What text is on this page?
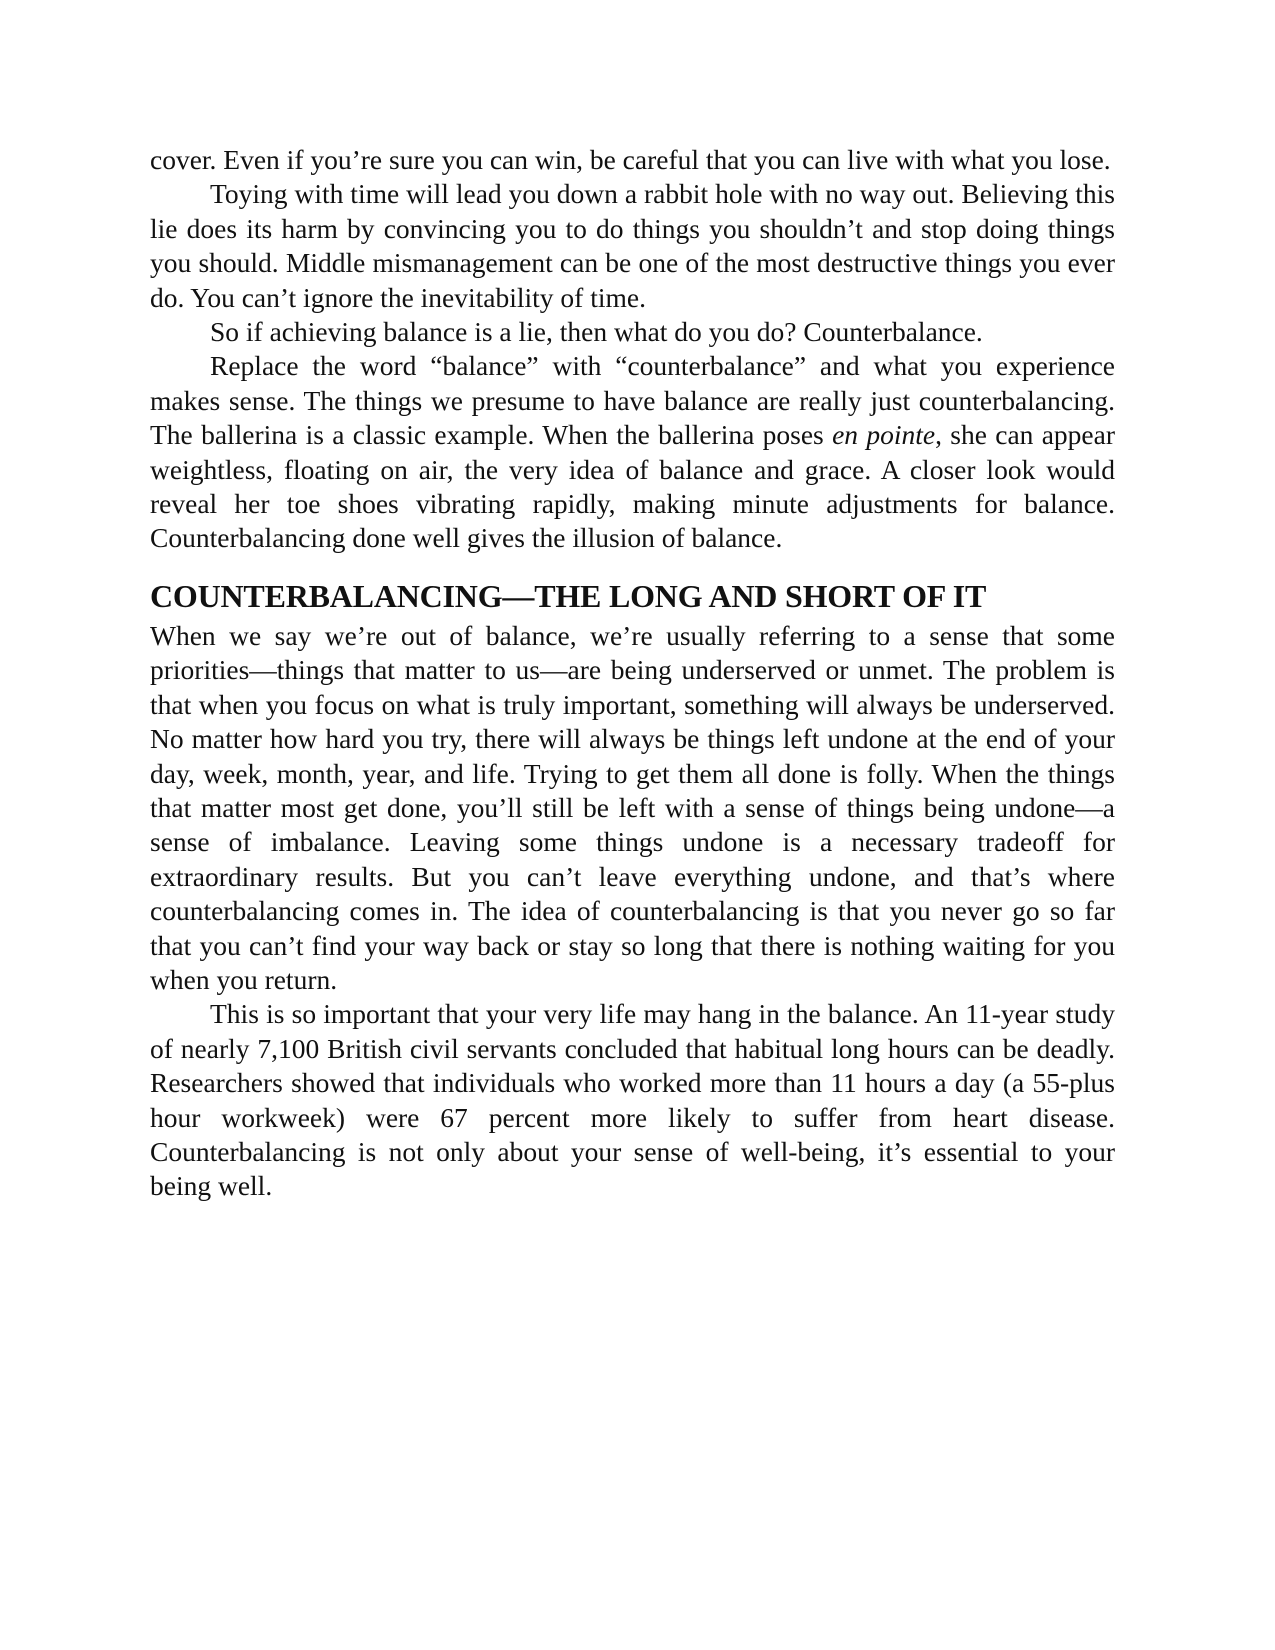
cover. Even if you’re sure you can win, be careful that you can live with what you lose.

Toying with time will lead you down a rabbit hole with no way out. Believing this lie does its harm by convincing you to do things you shouldn’t and stop doing things you should. Middle mismanagement can be one of the most destructive things you ever do. You can’t ignore the inevitability of time.

So if achieving balance is a lie, then what do you do? Counterbalance.

Replace the word “balance” with “counterbalance” and what you experience makes sense. The things we presume to have balance are really just counterbalancing. The ballerina is a classic example. When the ballerina poses en pointe, she can appear weightless, floating on air, the very idea of balance and grace. A closer look would reveal her toe shoes vibrating rapidly, making minute adjustments for balance. Counterbalancing done well gives the illusion of balance.

COUNTERBALANCING—THE LONG AND SHORT OF IT

When we say we’re out of balance, we’re usually referring to a sense that some priorities—things that matter to us—are being underserved or unmet. The problem is that when you focus on what is truly important, something will always be underserved. No matter how hard you try, there will always be things left undone at the end of your day, week, month, year, and life. Trying to get them all done is folly. When the things that matter most get done, you’ll still be left with a sense of things being undone—a sense of imbalance. Leaving some things undone is a necessary tradeoff for extraordinary results. But you can’t leave everything undone, and that’s where counterbalancing comes in. The idea of counterbalancing is that you never go so far that you can’t find your way back or stay so long that there is nothing waiting for you when you return.

This is so important that your very life may hang in the balance. An 11-year study of nearly 7,100 British civil servants concluded that habitual long hours can be deadly. Researchers showed that individuals who worked more than 11 hours a day (a 55-plus hour workweek) were 67 percent more likely to suffer from heart disease. Counterbalancing is not only about your sense of well-being, it’s essential to your being well.
